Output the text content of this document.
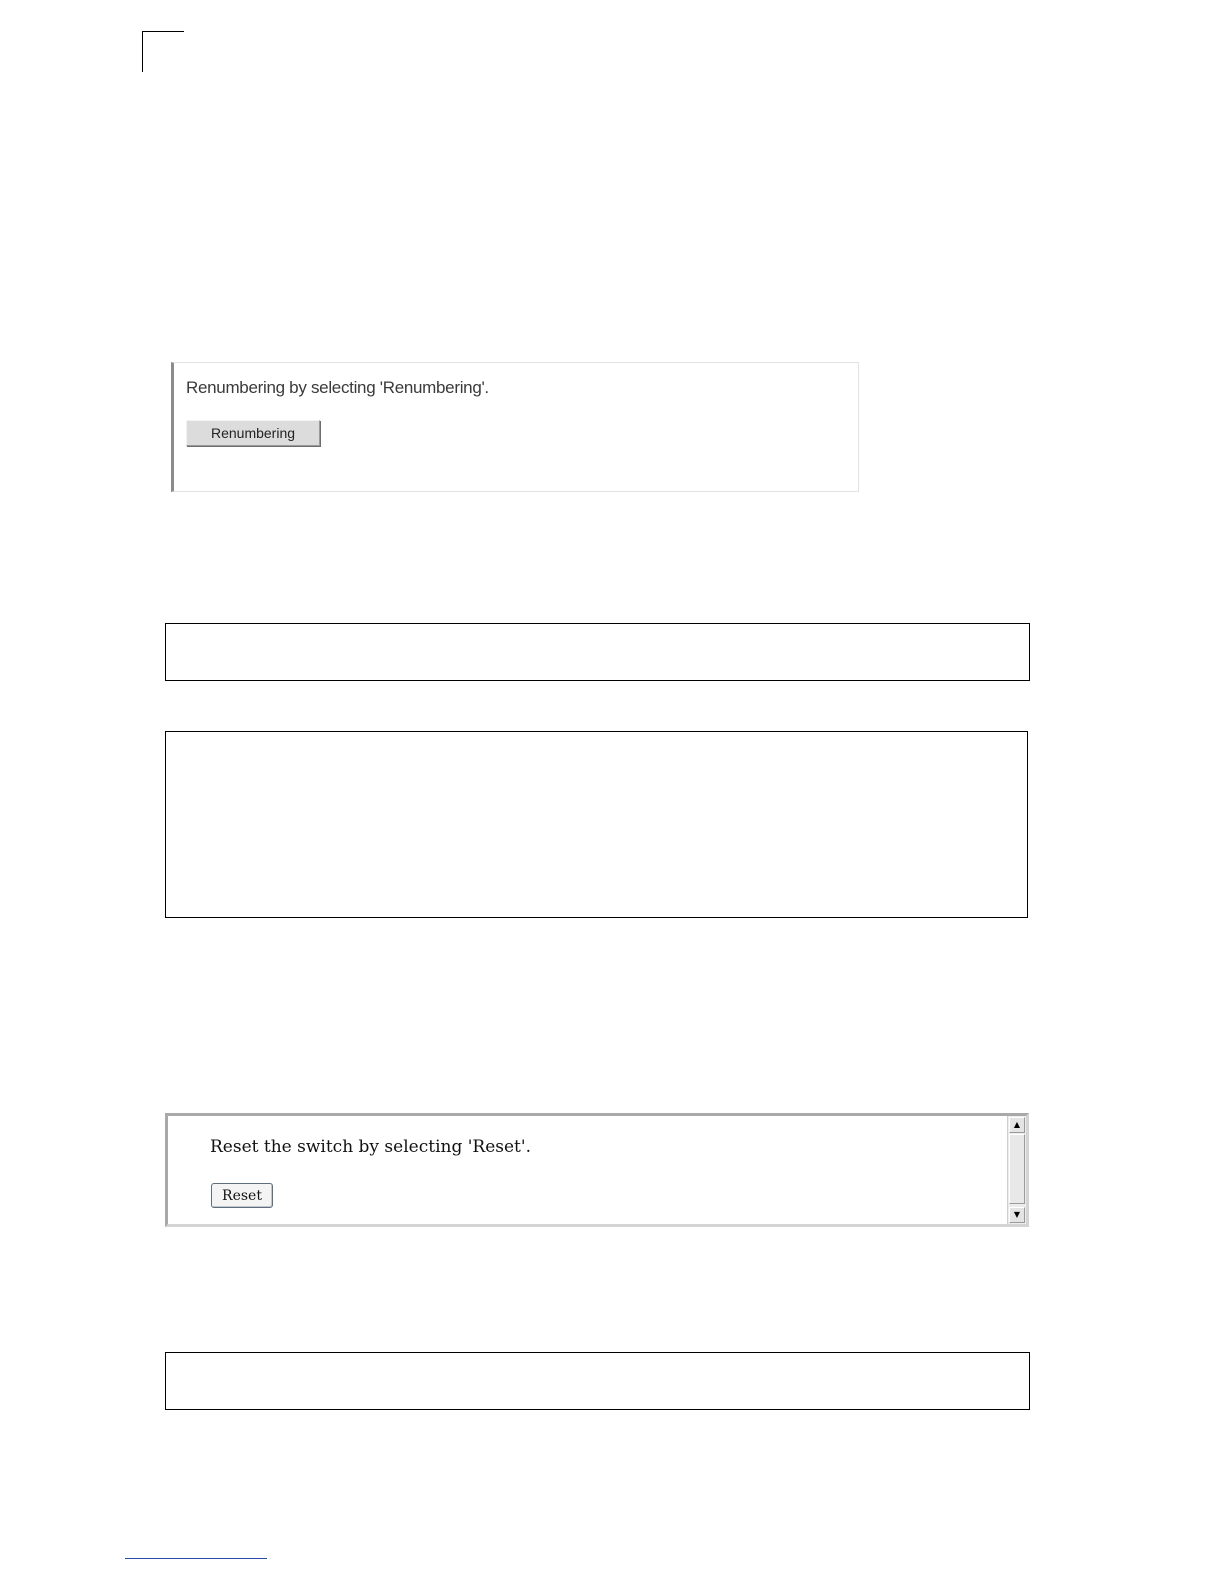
Renumbering by selecting 'Renumbering'.
Renumbering
Reset the switch by selecting 'Reset'.
Reset
▲
▼
